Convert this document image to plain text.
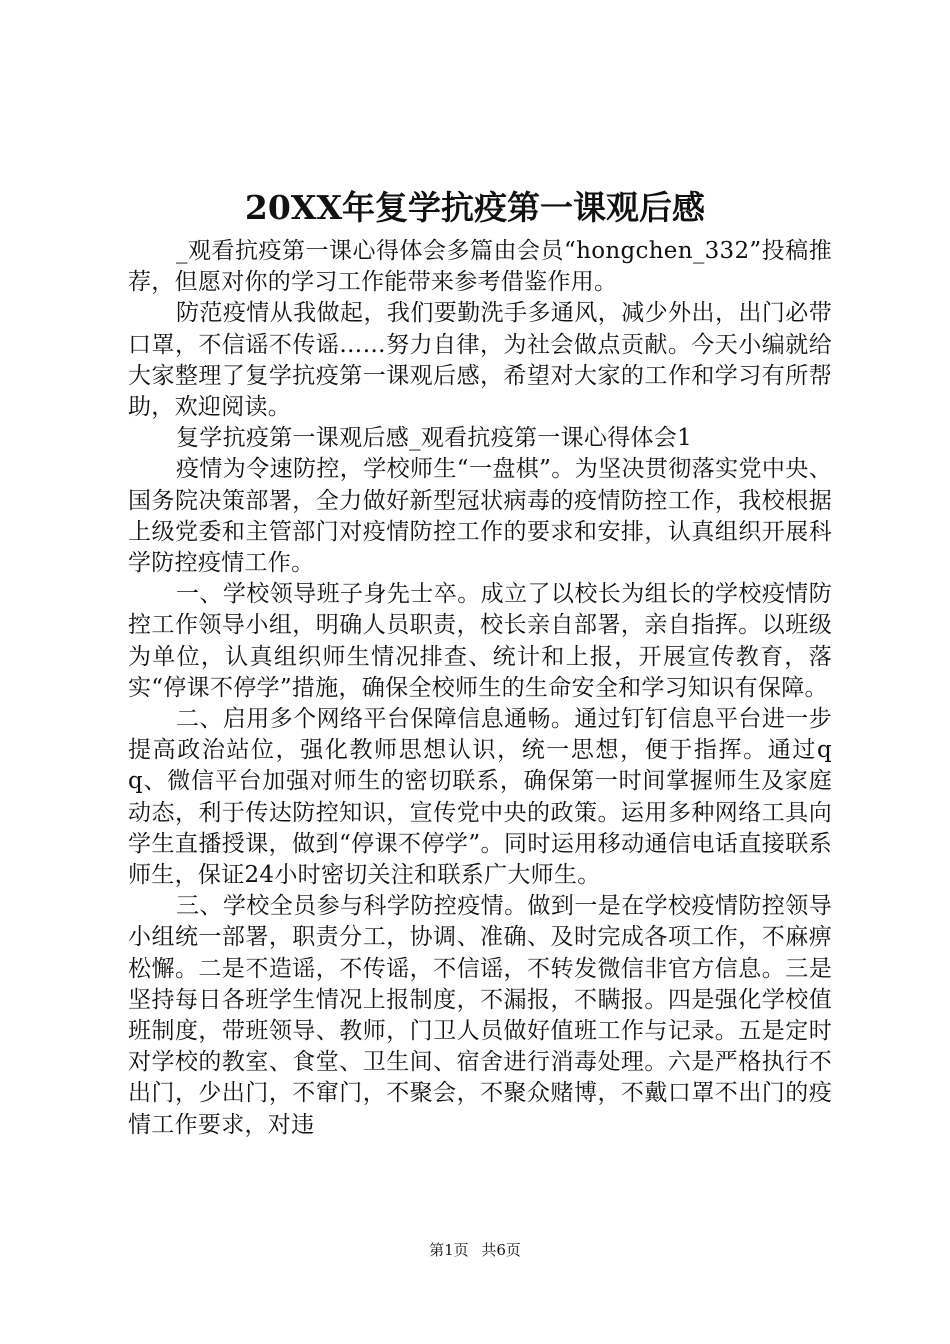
20XX年复学抗疫第一课观后感

_观看抗疫第一课心得体会多篇由会员“hongchen_332”投稿推荐，但愿对你的学习工作能带来参考借鉴作用。

防范疫情从我做起，我们要勤洗手多通风，减少外出，出门必带口罩，不信谣不传谣……努力自律，为社会做点贡献。今天小编就给大家整理了复学抗疫第一课观后感，希望对大家的工作和学习有所帮助，欢迎阅读。

复学抗疫第一课观后感_观看抗疫第一课心得体会1

疫情为令速防控，学校师生“一盘棋”。为坚决贯彻落实党中央、国务院决策部署，全力做好新型冠状病毒的疫情防控工作，我校根据上级党委和主管部门对疫情防控工作的要求和安排，认真组织开展科学防控疫情工作。

一、学校领导班子身先士卒。成立了以校长为组长的学校疫情防控工作领导小组，明确人员职责，校长亲自部署，亲自指挥。以班级为单位，认真组织师生情况排查、统计和上报，开展宣传教育，落实“停课不停学”措施，确保全校师生的生命安全和学习知识有保障。

二、启用多个网络平台保障信息通畅。通过钉钉信息平台进一步提高政治站位，强化教师思想认识，统一思想，便于指挥。通过qq、微信平台加强对师生的密切联系，确保第一时间掌握师生及家庭动态，利于传达防控知识，宣传党中央的政策。运用多种网络工具向学生直播授课，做到“停课不停学”。同时运用移动通信电话直接联系师生，保证24小时密切关注和联系广大师生。

三、学校全员参与科学防控疫情。做到一是在学校疫情防控领导小组统一部署，职责分工，协调、准确、及时完成各项工作，不麻痹松懈。二是不造谣，不传谣，不信谣，不转发微信非官方信息。三是坚持每日各班学生情况上报制度，不漏报，不瞒报。四是强化学校值班制度，带班领导、教师，门卫人员做好值班工作与记录。五是定时对学校的教室、食堂、卫生间、宿舍进行消毒处理。六是严格执行不出门，少出门，不窜门，不聚会，不聚众赌博，不戴口罩不出门的疫情工作要求，对违

第1页 共6页
